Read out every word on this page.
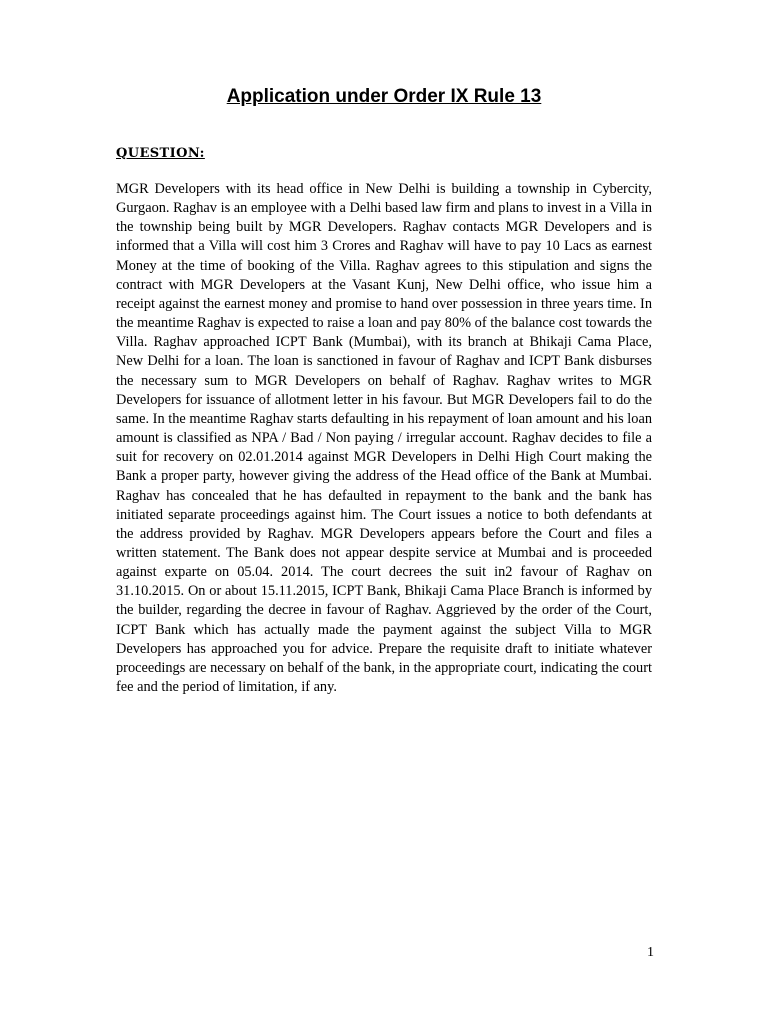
Application under Order IX Rule 13
QUESTION:

MGR Developers with its head office in New Delhi is building a township in Cybercity, Gurgaon. Raghav is an employee with a Delhi based law firm and plans to invest in a Villa in the township being built by MGR Developers. Raghav contacts MGR Developers and is informed that a Villa will cost him 3 Crores and Raghav will have to pay 10 Lacs as earnest Money at the time of booking of the Villa. Raghav agrees to this stipulation and signs the contract with MGR Developers at the Vasant Kunj, New Delhi office, who issue him a receipt against the earnest money and promise to hand over possession in three years time. In the meantime Raghav is expected to raise a loan and pay 80% of the balance cost towards the Villa. Raghav approached ICPT Bank (Mumbai), with its branch at Bhikaji Cama Place, New Delhi for a loan. The loan is sanctioned in favour of Raghav and ICPT Bank disburses the necessary sum to MGR Developers on behalf of Raghav. Raghav writes to MGR Developers for issuance of allotment letter in his favour. But MGR Developers fail to do the same. In the meantime Raghav starts defaulting in his repayment of loan amount and his loan amount is classified as NPA / Bad / Non paying / irregular account. Raghav decides to file a suit for recovery on 02.01.2014 against MGR Developers in Delhi High Court making the Bank a proper party, however giving the address of the Head office of the Bank at Mumbai. Raghav has concealed that he has defaulted in repayment to the bank and the bank has initiated separate proceedings against him. The Court issues a notice to both defendants at the address provided by Raghav. MGR Developers appears before the Court and files a written statement. The Bank does not appear despite service at Mumbai and is proceeded against exparte on 05.04. 2014. The court decrees the suit in2 favour of Raghav on 31.10.2015. On or about 15.11.2015, ICPT Bank, Bhikaji Cama Place Branch is informed by the builder, regarding the decree in favour of Raghav. Aggrieved by the order of the Court, ICPT Bank which has actually made the payment against the subject Villa to MGR Developers has approached you for advice. Prepare the requisite draft to initiate whatever proceedings are necessary on behalf of the bank, in the appropriate court, indicating the court fee and the period of limitation, if any.

1
